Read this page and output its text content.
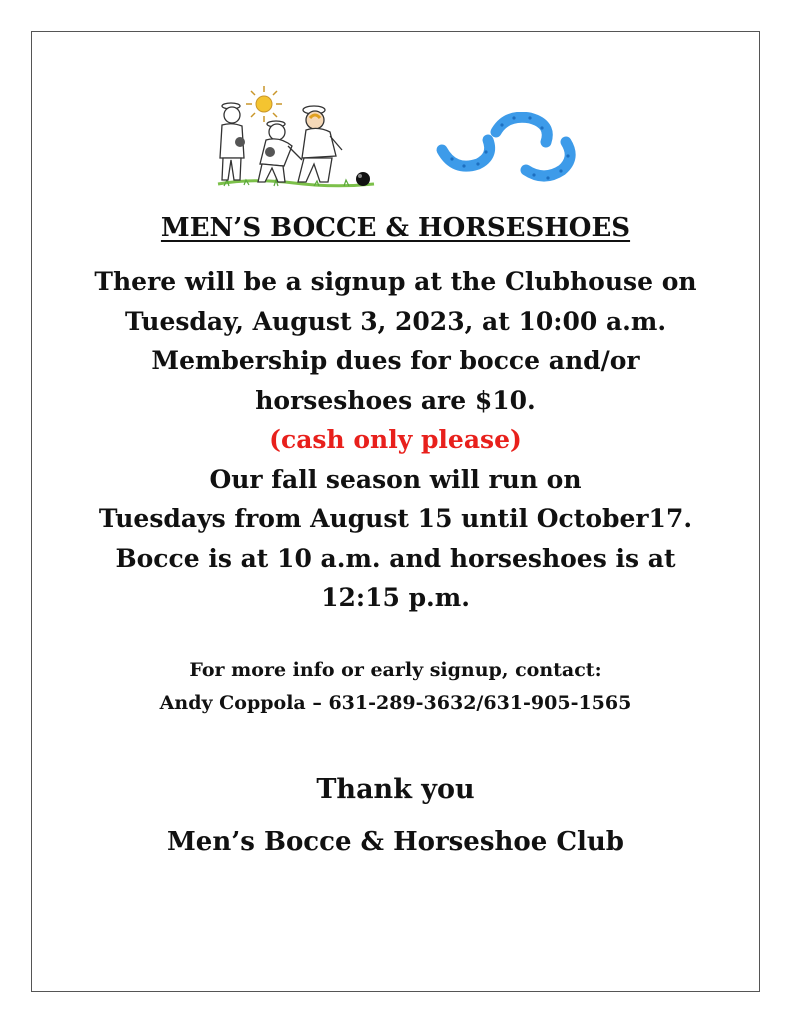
MEN’S BOCCE & HORSESHOES

There will be a signup at the Clubhouse on

Tuesday, August 3, 2023, at 10:00 a.m.

Membership dues for bocce and/or

horseshoes are $10.

(cash only please)

Our fall season will run on

Tuesdays from August 15 until October17.

Bocce is at 10 a.m. and horseshoes is at

12:15 p.m.

For more info or early signup, contact:

Andy Coppola – 631-289-3632/631-905-1565

Thank you

Men’s Bocce & Horseshoe Club
